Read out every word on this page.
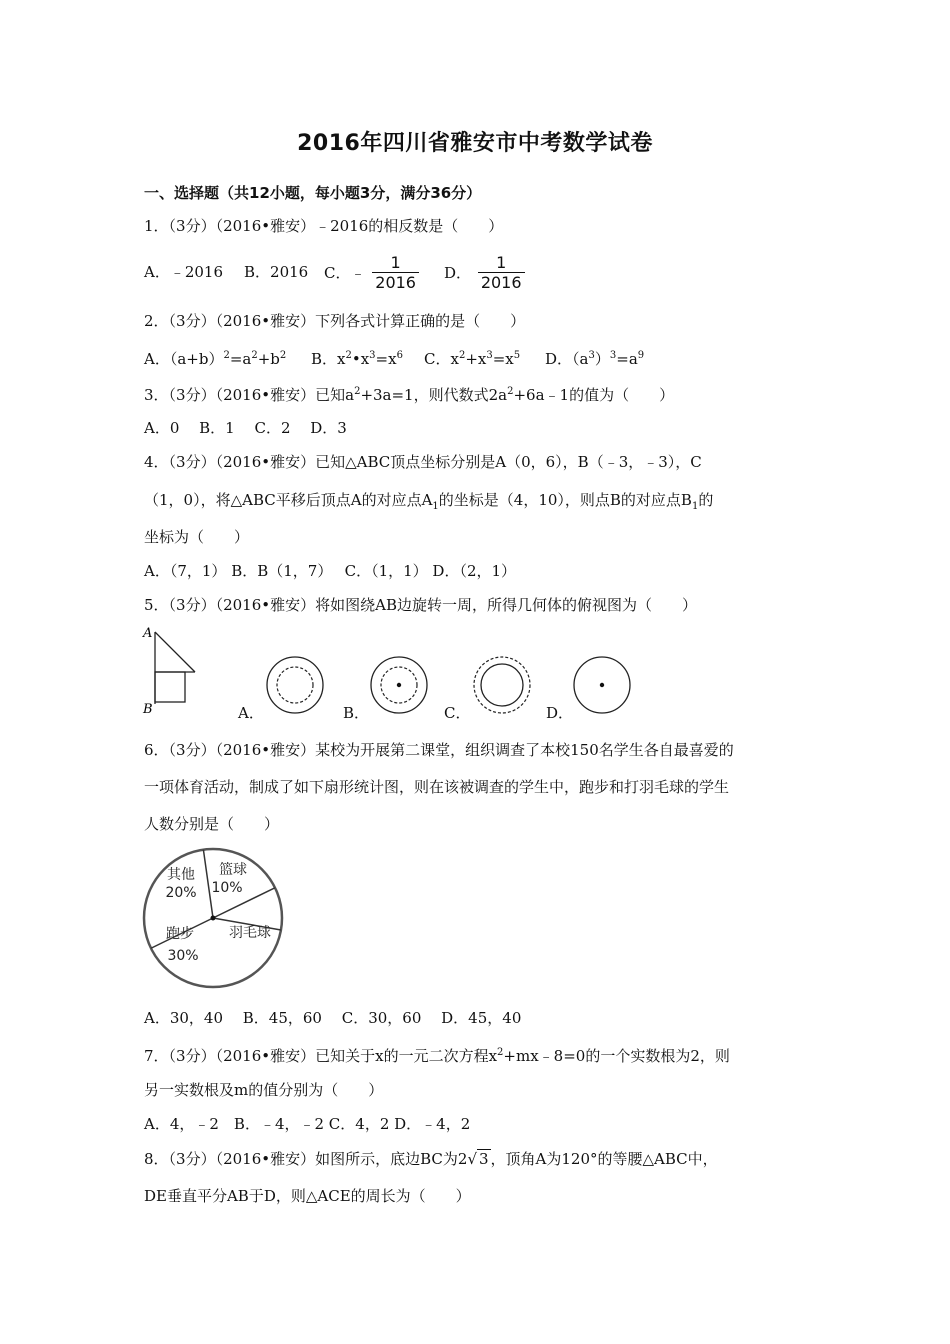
2016年四川省雅安市中考数学试卷
一、选择题（共12小题，每小题3分，满分36分）
1．（3分）（2016•雅安）﹣2016的相反数是（　　）
A．﹣2016 B．2016 C．﹣ $\frac{1}{2016}$ D． $\frac{1}{2016}$
2．（3分）（2016•雅安）下列各式计算正确的是（　　）
A．$(a+b)^2=a^2+b^2$ B．$x^2•x^3=x^6$ C．$x^2+x^3=x^5$ D．$(a^3)^3=a^9$
3．（3分）（2016•雅安）已知$a^2+3a=1$，则代数式$2a^2+6a﹣1$的值为（　　）
A．0　 B．1　 C．2　 D．3
4．（3分）（2016•雅安）已知△ABC顶点坐标分别是A（0，6），B（﹣3，﹣3），C
（1，0），将△ABC平移后顶点A的对应点$A_1$的坐标是（4，10），则点B的对应点$B_1$的
坐标为（　　）
A．（7，1） B．B（1，7）　 C．（1，1） D．（2，1）
5．（3分）（2016•雅安）将如图绕AB边旋转一周，所得几何体的俯视图为（　　）
A
B	A．	B．	C．	D．
6．（3分）（2016•雅安）某校为开展第二课堂，组织调查了本校150名学生各自最喜爱的
一项体育活动，制成了如下扇形统计图，则在该被调查的学生中，跑步和打羽毛球的学生
人数分别是（　　）
其他
20%
篮球
10%
羽毛球
跑步
30%
A．30，40　 B．45，60　 C．30，60　 D．45，40
7．（3分）（2016•雅安）已知关于x的一元二次方程$x^2+mx﹣8=0$的一个实数根为2，则
另一实数根及m的值分别为（　　）
A．4，﹣2　B．﹣4，﹣2 C．4，2 D．﹣4，2
8．（3分）（2016•雅安）如图所示，底边BC为2√ 3 ，顶角A为120°的等腰△ABC中，
DE垂直平分AB于D，则△ACE的周长为（　　）
